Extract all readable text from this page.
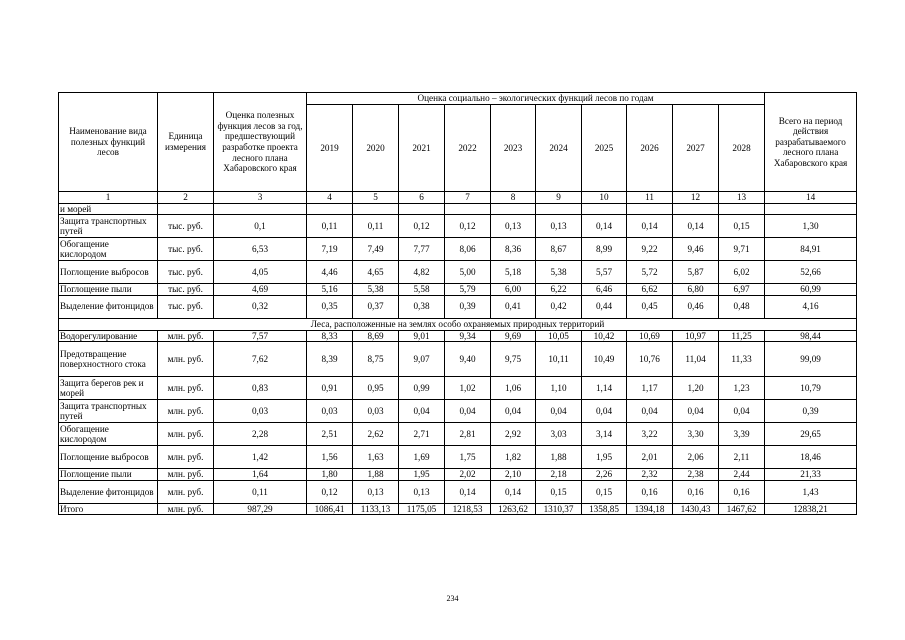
Наименование вида полезных функций лесов	Единица измерения	Оценка полезных функция лесов за год, предшествующий разработке проекта лесного плана Хабаровского края	Оценка социально – экологических функций лесов по годам										Всего на период действия разрабатываемого лесного плана Хабаровского края
			2019	2020	2021	2022	2023	2024	2025	2026	2027	2028	
1	2	3	4	5	6	7	8	9	10	11	12	13	14
и морей													
Защита транспортных путей	тыс. руб.	0,1	0,11	0,11	0,12	0,12	0,13	0,13	0,14	0,14	0,14	0,15	1,30
Обогащение кислородом	тыс. руб.	6,53	7,19	7,49	7,77	8,06	8,36	8,67	8,99	9,22	9,46	9,71	84,91
Поглощение выбросов	тыс. руб.	4,05	4,46	4,65	4,82	5,00	5,18	5,38	5,57	5,72	5,87	6,02	52,66
Поглощение пыли	тыс. руб.	4,69	5,16	5,38	5,58	5,79	6,00	6,22	6,46	6,62	6,80	6,97	60,99
Выделение фитонцидов	тыс. руб.	0,32	0,35	0,37	0,38	0,39	0,41	0,42	0,44	0,45	0,46	0,48	4,16
Леса, расположенные на землях особо охраняемых природных территорий													
Водорегулирование	млн. руб.	7,57	8,33	8,69	9,01	9,34	9,69	10,05	10,42	10,69	10,97	11,25	98,44
Предотвращение поверхностного стока	млн. руб.	7,62	8,39	8,75	9,07	9,40	9,75	10,11	10,49	10,76	11,04	11,33	99,09
Защита берегов рек и морей	млн. руб.	0,83	0,91	0,95	0,99	1,02	1,06	1,10	1,14	1,17	1,20	1,23	10,79
Защита транспортных путей	млн. руб.	0,03	0,03	0,03	0,04	0,04	0,04	0,04	0,04	0,04	0,04	0,04	0,39
Обогащение кислородом	млн. руб.	2,28	2,51	2,62	2,71	2,81	2,92	3,03	3,14	3,22	3,30	3,39	29,65
Поглощение выбросов	млн. руб.	1,42	1,56	1,63	1,69	1,75	1,82	1,88	1,95	2,01	2,06	2,11	18,46
Поглощение пыли	млн. руб.	1,64	1,80	1,88	1,95	2,02	2,10	2,18	2,26	2,32	2,38	2,44	21,33
Выделение фитонцидов	млн. руб.	0,11	0,12	0,13	0,13	0,14	0,14	0,15	0,15	0,16	0,16	0,16	1,43
Итого	млн. руб.	987,29	1086,41	1133,13	1175,05	1218,53	1263,62	1310,37	1358,85	1394,18	1430,43	1467,62	12838,21
234
